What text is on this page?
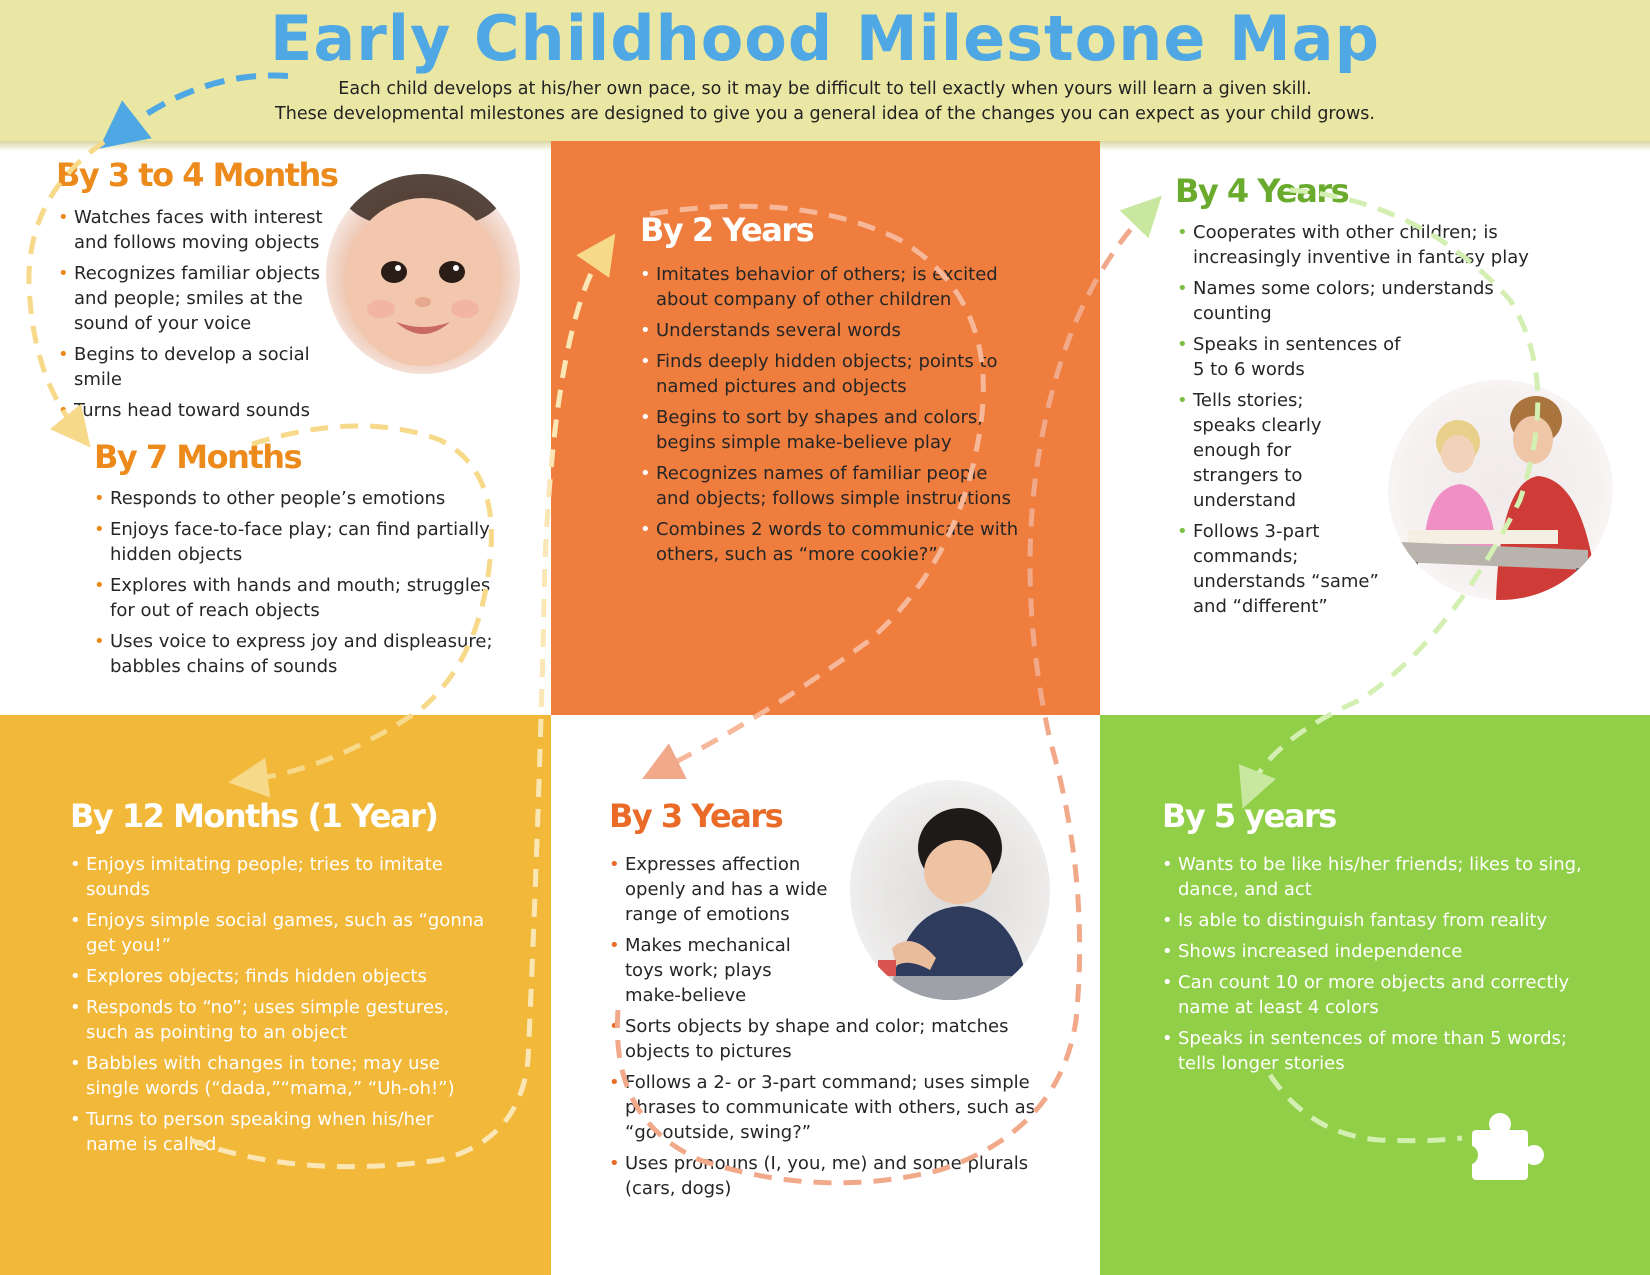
Early Childhood Milestone Map
Each child develops at his/her own pace, so it may be difficult to tell exactly when yours will learn a given skill.
These developmental milestones are designed to give you a general idea of the changes you can expect as your child grows.
By 3 to 4 Months
• Watches faces with interest and follows moving objects
• Recognizes familiar objects and people; smiles at the sound of your voice
• Begins to develop a social smile
• Turns head toward sounds
By 7 Months
• Responds to other people’s emotions
• Enjoys face-to-face play; can find partially hidden objects
• Explores with hands and mouth; struggles for out of reach objects
• Uses voice to express joy and displeasure; babbles chains of sounds
By 2 Years
• Imitates behavior of others; is excited about company of other children
• Understands several words
• Finds deeply hidden objects; points to named pictures and objects
• Begins to sort by shapes and colors; begins simple make-believe play
• Recognizes names of familiar people and objects; follows simple instructions
• Combines 2 words to communicate with others, such as “more cookie?”
By 4 Years
• Cooperates with other children; is increasingly inventive in fantasy play
• Names some colors; understands counting
• Speaks in sentences of 5 to 6 words
• Tells stories; speaks clearly enough for strangers to understand
• Follows 3-part commands; understands “same” and “different”
By 12 Months (1 Year)
• Enjoys imitating people; tries to imitate sounds
• Enjoys simple social games, such as “gonna get you!”
• Explores objects; finds hidden objects
• Responds to “no”; uses simple gestures, such as pointing to an object
• Babbles with changes in tone; may use single words (“dada,”“mama,” “Uh-oh!”)
• Turns to person speaking when his/her name is called
By 3 Years
• Expresses affection openly and has a wide range of emotions
• Makes mechanical toys work; plays make-believe
• Sorts objects by shape and color; matches objects to pictures
• Follows a 2- or 3-part command; uses simple phrases to communicate with others, such as “go outside, swing?”
• Uses pronouns (I, you, me) and some plurals (cars, dogs)
By 5 years
• Wants to be like his/her friends; likes to sing, dance, and act
• Is able to distinguish fantasy from reality
• Shows increased independence
• Can count 10 or more objects and correctly name at least 4 colors
• Speaks in sentences of more than 5 words; tells longer stories
